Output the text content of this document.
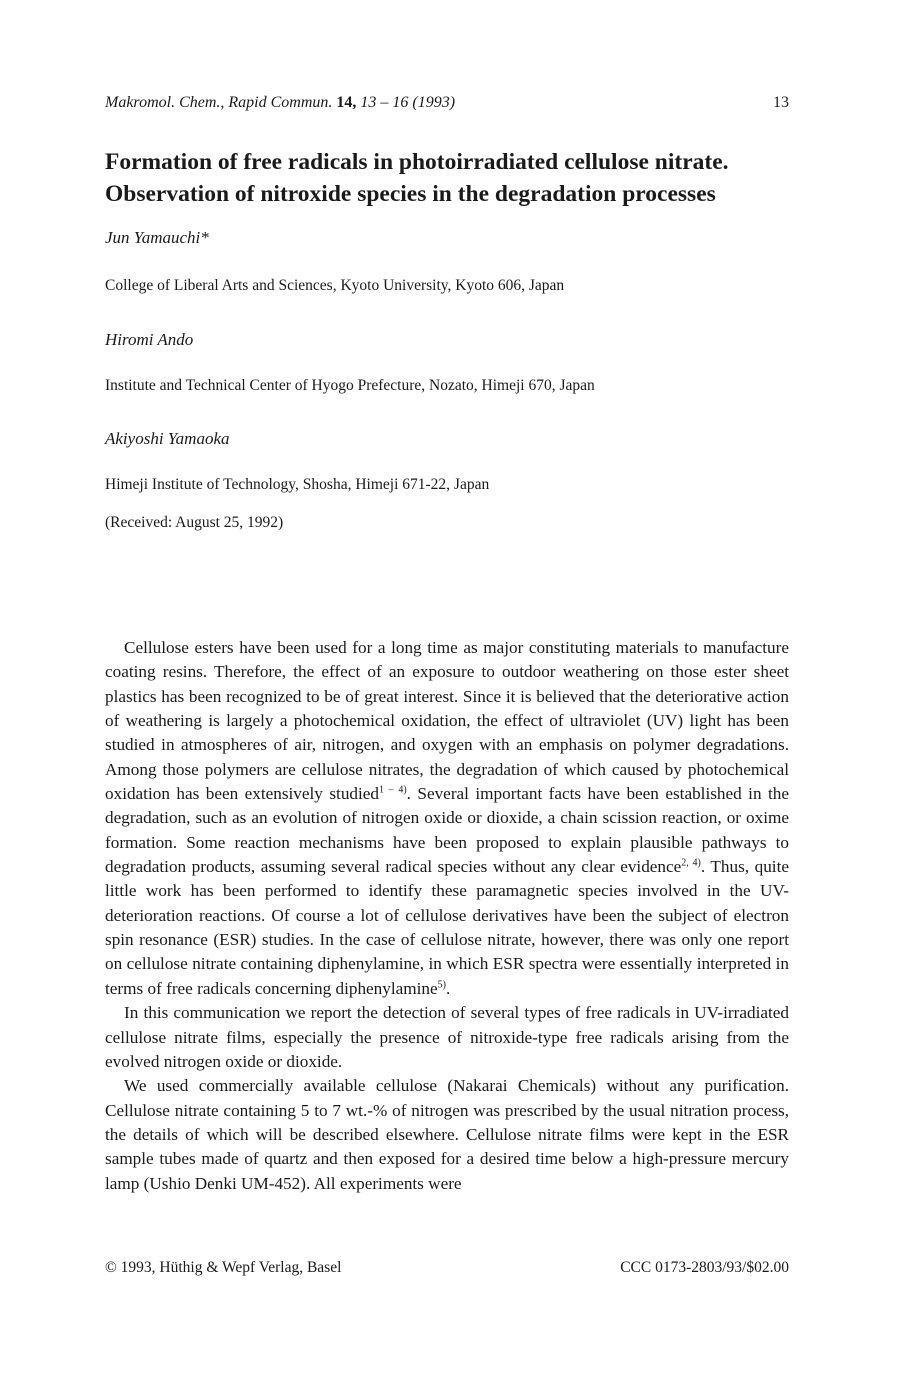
Makromol. Chem., Rapid Commun. 14, 13 – 16 (1993)	13
Formation of free radicals in photoirradiated cellulose nitrate.
Observation of nitroxide species in the degradation processes
Jun Yamauchi*
College of Liberal Arts and Sciences, Kyoto University, Kyoto 606, Japan
Hiromi Ando
Institute and Technical Center of Hyogo Prefecture, Nozato, Himeji 670, Japan
Akiyoshi Yamaoka
Himeji Institute of Technology, Shosha, Himeji 671-22, Japan
(Received: August 25, 1992)

Cellulose esters have been used for a long time as major constituting materials to manufacture coating resins. Therefore, the effect of an exposure to outdoor weathering on those ester sheet plastics has been recognized to be of great interest. Since it is believed that the deteriorative action of weathering is largely a photochemical oxidation, the effect of ultraviolet (UV) light has been studied in atmospheres of air, nitrogen, and oxygen with an emphasis on polymer degradations. Among those polymers are cellulose nitrates, the degradation of which caused by photochemical oxidation has been extensively studied$^{1 - 4)}$. Several important facts have been established in the degradation, such as an evolution of nitrogen oxide or dioxide, a chain scission reaction, or oxime formation. Some reaction mechanisms have been proposed to explain plausible pathways to degradation products, assuming several radical species without any clear evidence$^{2, 4)}$. Thus, quite little work has been performed to identify these paramagnetic species involved in the UV-deterioration reactions. Of course a lot of cellulose derivatives have been the subject of electron spin resonance (ESR) studies. In the case of cellulose nitrate, however, there was only one report on cellulose nitrate containing diphenylamine, in which ESR spectra were essentially interpreted in terms of free radicals concerning diphenylamine$^{5)}$.

In this communication we report the detection of several types of free radicals in UV-irradiated cellulose nitrate films, especially the presence of nitroxide-type free radicals arising from the evolved nitrogen oxide or dioxide.

We used commercially available cellulose (Nakarai Chemicals) without any purification. Cellulose nitrate containing 5 to 7 wt.-% of nitrogen was prescribed by the usual nitration process, the details of which will be described elsewhere. Cellulose nitrate films were kept in the ESR sample tubes made of quartz and then exposed for a desired time below a high-pressure mercury lamp (Ushio Denki UM-452). All experiments were

© 1993, Hüthig & Wepf Verlag, Basel	CCC 0173-2803/93/$02.00
